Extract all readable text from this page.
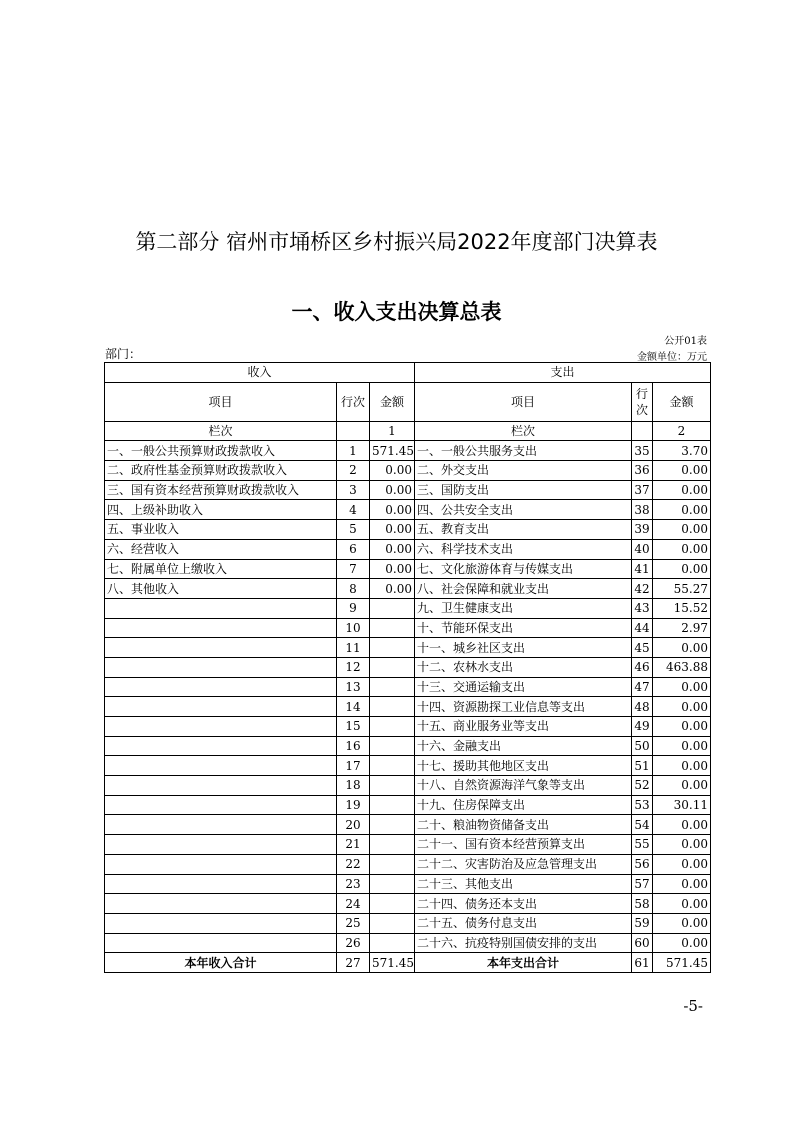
第二部分 宿州市埇桥区乡村振兴局2022年度部门决算表
一、收入支出决算总表
公开01表
部门：	金额单位：万元
收入			支出		
项目	行次	金额	项目	行次	金额
栏次		1	栏次		2
一、一般公共预算财政拨款收入	1	571.45	一、一般公共服务支出	35	3.70
二、政府性基金预算财政拨款收入	2	0.00	二、外交支出	36	0.00
三、国有资本经营预算财政拨款收入	3	0.00	三、国防支出	37	0.00
四、上级补助收入	4	0.00	四、公共安全支出	38	0.00
五、事业收入	5	0.00	五、教育支出	39	0.00
六、经营收入	6	0.00	六、科学技术支出	40	0.00
七、附属单位上缴收入	7	0.00	七、文化旅游体育与传媒支出	41	0.00
八、其他收入	8	0.00	八、社会保障和就业支出	42	55.27
	9		九、卫生健康支出	43	15.52
	10		十、节能环保支出	44	2.97
	11		十一、城乡社区支出	45	0.00
	12		十二、农林水支出	46	463.88
	13		十三、交通运输支出	47	0.00
	14		十四、资源勘探工业信息等支出	48	0.00
	15		十五、商业服务业等支出	49	0.00
	16		十六、金融支出	50	0.00
	17		十七、援助其他地区支出	51	0.00
	18		十八、自然资源海洋气象等支出	52	0.00
	19		十九、住房保障支出	53	30.11
	20		二十、粮油物资储备支出	54	0.00
	21		二十一、国有资本经营预算支出	55	0.00
	22		二十二、灾害防治及应急管理支出	56	0.00
	23		二十三、其他支出	57	0.00
	24		二十四、债务还本支出	58	0.00
	25		二十五、债务付息支出	59	0.00
	26		二十六、抗疫特别国债安排的支出	60	0.00
本年收入合计	27	571.45	本年支出合计	61	571.45
-5-
